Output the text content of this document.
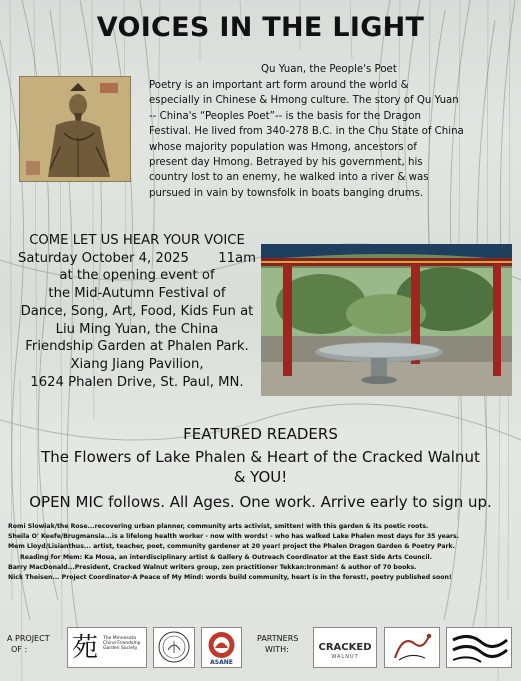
VOICES IN THE LIGHT
Qu Yuan, the People's Poet
Poetry is an important art form around the world &
especially in Chinese & Hmong culture. The story of Qu Yuan
-- China's “Peoples Poet”-- is the basis for the Dragon
Festival. He lived from 340-278 B.C. in the Chu State of China
whose majority population was Hmong, ancestors of
present day Hmong. Betrayed by his government, his
country lost to an enemy, he walked into a river & was
pursued in vain by townsfolk in boats banging drums.
COME LET US HEAR YOUR VOICE
Saturday October 4, 2025       11am
at the opening event of
the Mid-Autumn Festival of
Dance, Song, Art, Food, Kids Fun at
Liu Ming Yuan, the China
Friendship Garden at Phalen Park.
Xiang Jiang Pavilion,
1624 Phalen Drive, St. Paul, MN.
FEATURED READERS
The Flowers of Lake Phalen & Heart of the Cracked Walnut
& YOU!
OPEN MIC follows. All Ages. One work. Arrive early to sign up.
Romi Slowiak/the Rose...recovering urban planner, community arts activist, smitten! with this garden & its poetic roots.
Sheila O' Keefe/Brugmansia...is a lifelong health worker - now with words! - who has walked Lake Phalen most days for 35 years.
Mem Lloyd/Lisianthus... artist, teacher, poet, community gardener at 20 year! project the Phalen Dragon Garden & Poetry Park.
Reading for Mem: Ka Moua, an interdisciplinary artist & Gallery & Outreach Coordinator at the East Side Arts Council.
Barry MacDonald...President, Cracked Walnut writers group, zen practitioner Tekkan:Ironman! & author of 70 books.
Nick Theisen... Project Coordinator-A Peace of My Mind: words build community, heart is in the forest!, poetry published soon!
A PROJECT
OF :	苑 The Minnesota China Friendship Garden Society
ASANE
PARTNERS
WITH:	CRACKED
WALNUT
